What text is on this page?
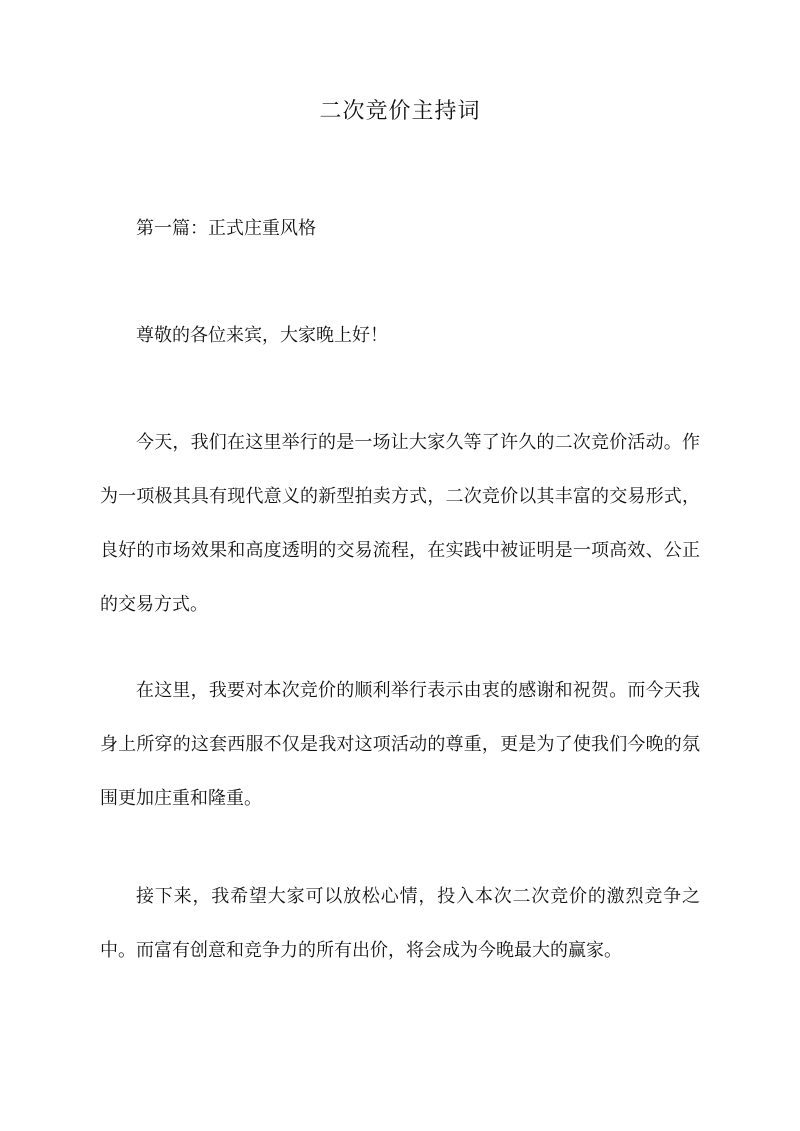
二次竞价主持词

第一篇：正式庄重风格

尊敬的各位来宾，大家晚上好！

今天，我们在这里举行的是一场让大家久等了许久的二次竞价活动。作为一项极其具有现代意义的新型拍卖方式，二次竞价以其丰富的交易形式，良好的市场效果和高度透明的交易流程，在实践中被证明是一项高效、公正的交易方式。

在这里，我要对本次竞价的顺利举行表示由衷的感谢和祝贺。而今天我身上所穿的这套西服不仅是我对这项活动的尊重，更是为了使我们今晚的氛围更加庄重和隆重。

接下来，我希望大家可以放松心情，投入本次二次竞价的激烈竞争之中。而富有创意和竞争力的所有出价，将会成为今晚最大的赢家。
